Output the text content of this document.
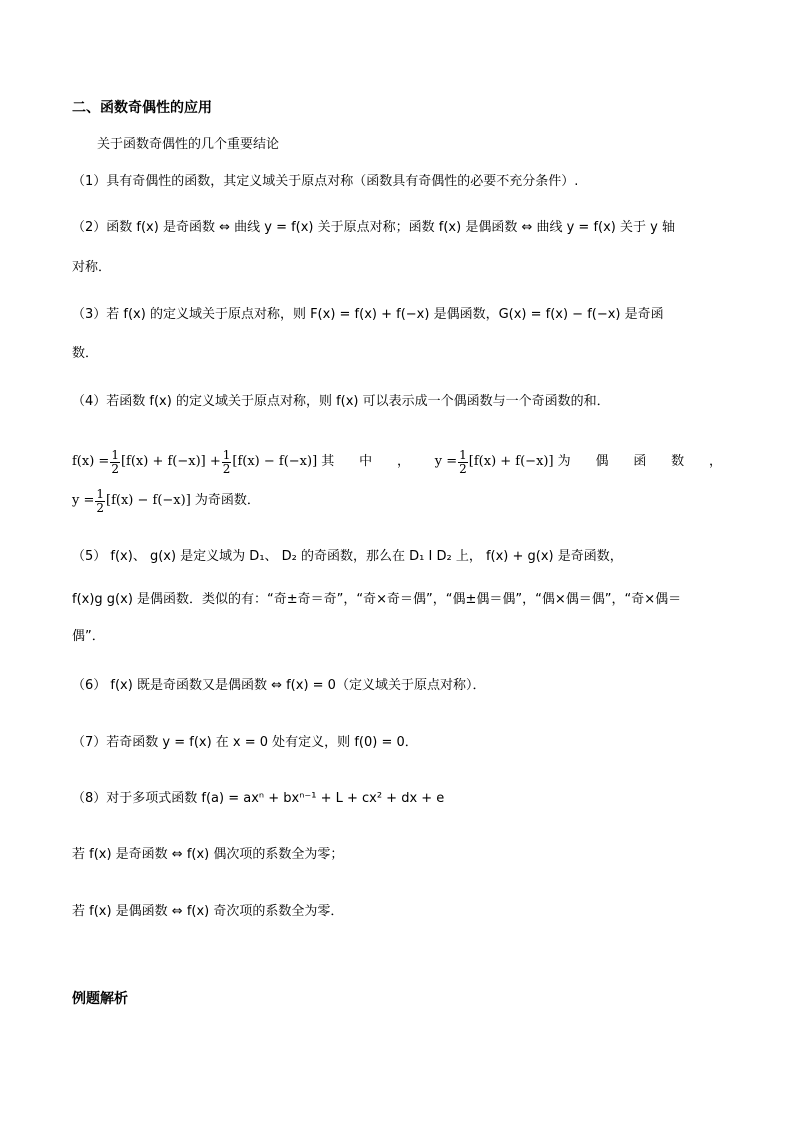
二、函数奇偶性的应用
关于函数奇偶性的几个重要结论
（1）具有奇偶性的函数，其定义域关于原点对称（函数具有奇偶性的必要不充分条件）.
（2）函数 f(x) 是奇函数 ⇔ 曲线 y = f(x) 关于原点对称；函数 f(x) 是偶函数 ⇔ 曲线 y = f(x) 关于 y 轴
对称．
（3）若 f(x) 的定义域关于原点对称，则 F(x) = f(x) + f(−x) 是偶函数，G(x) = f(x) − f(−x) 是奇函
数．
（4）若函数 f(x) 的定义域关于原点对称，则 f(x) 可以表示成一个偶函数与一个奇函数的和．
$f(x) = \frac{1}{2} [f(x) + f(-x)] + \frac{1}{2} [f(x) - f(-x)]$ 其 中 ， $y = \frac{1}{2} [f(x) + f(-x)]$ 为 偶 函 数 ，
$y = \frac{1}{2} [f(x) - f(-x)]$ 为奇函数．
（5） f(x)、 g(x) 是定义域为 D₁、 D₂ 的奇函数，那么在 D₁ I D₂ 上， f(x) + g(x) 是奇函数，
f(x)g g(x) 是偶函数．类似的有：“奇±奇＝奇”，“奇×奇＝偶”，“偶±偶＝偶”，“偶×偶＝偶”，“奇×偶＝
偶”．
（6） f(x) 既是奇函数又是偶函数 ⇔ f(x) = 0（定义域关于原点对称）．
（7）若奇函数 y = f(x) 在 x = 0 处有定义，则 f(0) = 0．
（8）对于多项式函数 f(a) = axⁿ + bxⁿ⁻¹ + L + cx² + dx + e
若 f(x) 是奇函数 ⇔ f(x) 偶次项的系数全为零；
若 f(x) 是偶函数 ⇔ f(x) 奇次项的系数全为零．
例题解析
